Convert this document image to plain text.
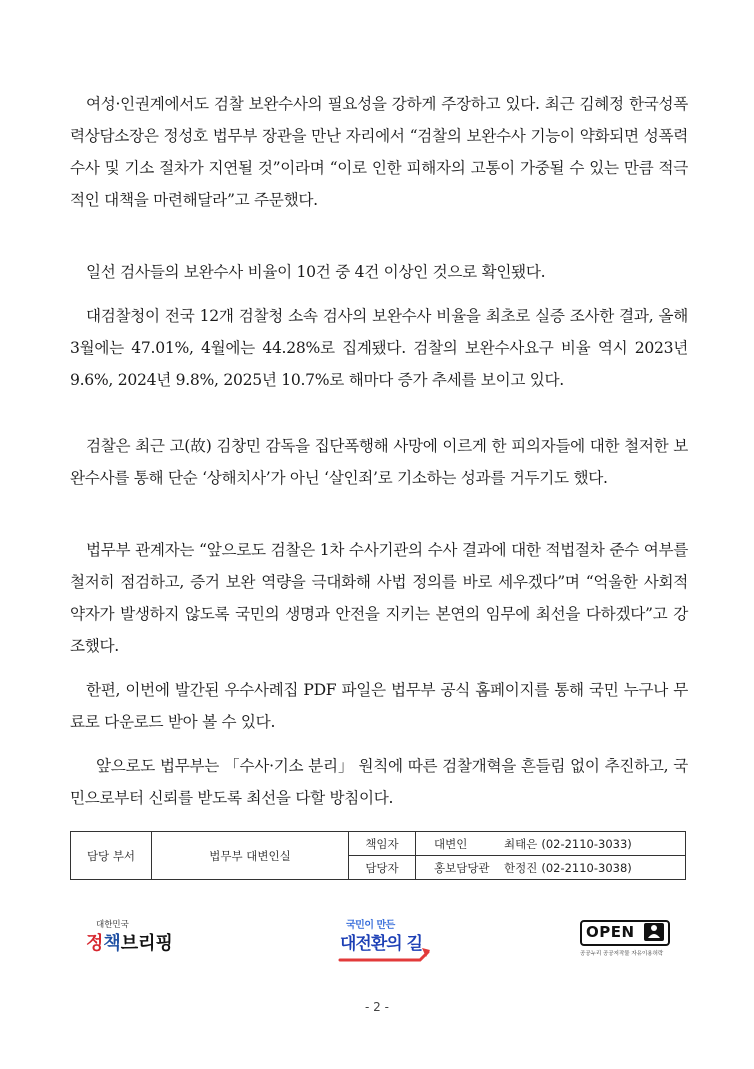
여성·인권계에서도 검찰 보완수사의 필요성을 강하게 주장하고 있다. 최근 김혜정 한국성폭력상담소장은 정성호 법무부 장관을 만난 자리에서 “검찰의 보완수사 기능이 약화되면 성폭력 수사 및 기소 절차가 지연될 것”이라며 “이로 인한 피해자의 고통이 가중될 수 있는 만큼 적극적인 대책을 마련해달라”고 주문했다.

일선 검사들의 보완수사 비율이 10건 중 4건 이상인 것으로 확인됐다.

대검찰청이 전국 12개 검찰청 소속 검사의 보완수사 비율을 최초로 실증 조사한 결과, 올해 3월에는 47.01%, 4월에는 44.28%로 집계됐다. 검찰의 보완수사요구 비율 역시 2023년 9.6%, 2024년 9.8%, 2025년 10.7%로 해마다 증가 추세를 보이고 있다.

검찰은 최근 고(故) 김창민 감독을 집단폭행해 사망에 이르게 한 피의자들에 대한 철저한 보완수사를 통해 단순 ‘상해치사’가 아닌 ‘살인죄’로 기소하는 성과를 거두기도 했다.

법무부 관계자는 “앞으로도 검찰은 1차 수사기관의 수사 결과에 대한 적법절차 준수 여부를 철저히 점검하고, 증거 보완 역량을 극대화해 사법 정의를 바로 세우겠다”며 “억울한 사회적 약자가 발생하지 않도록 국민의 생명과 안전을 지키는 본연의 임무에 최선을 다하겠다”고 강조했다.

한편, 이번에 발간된 우수사례집 PDF 파일은 법무부 공식 홈페이지를 통해 국민 누구나 무료로 다운로드 받아 볼 수 있다.

앞으로도 법무부는 「수사·기소 분리」 원칙에 따른 검찰개혁을 흔들림 없이 추진하고, 국민으로부터 신뢰를 받도록 최선을 다할 방침이다.

담당 부서	법무부 대변인실	책임자	대변인 최태은 (02-2110-3033)
		담당자	홍보담당관 한정진 (02-2110-3038)
대한민국
정책브리핑
국민이 만든
대전환의 길
OPEN
공공누리 공공저작물 자유이용허락
- 2 -
